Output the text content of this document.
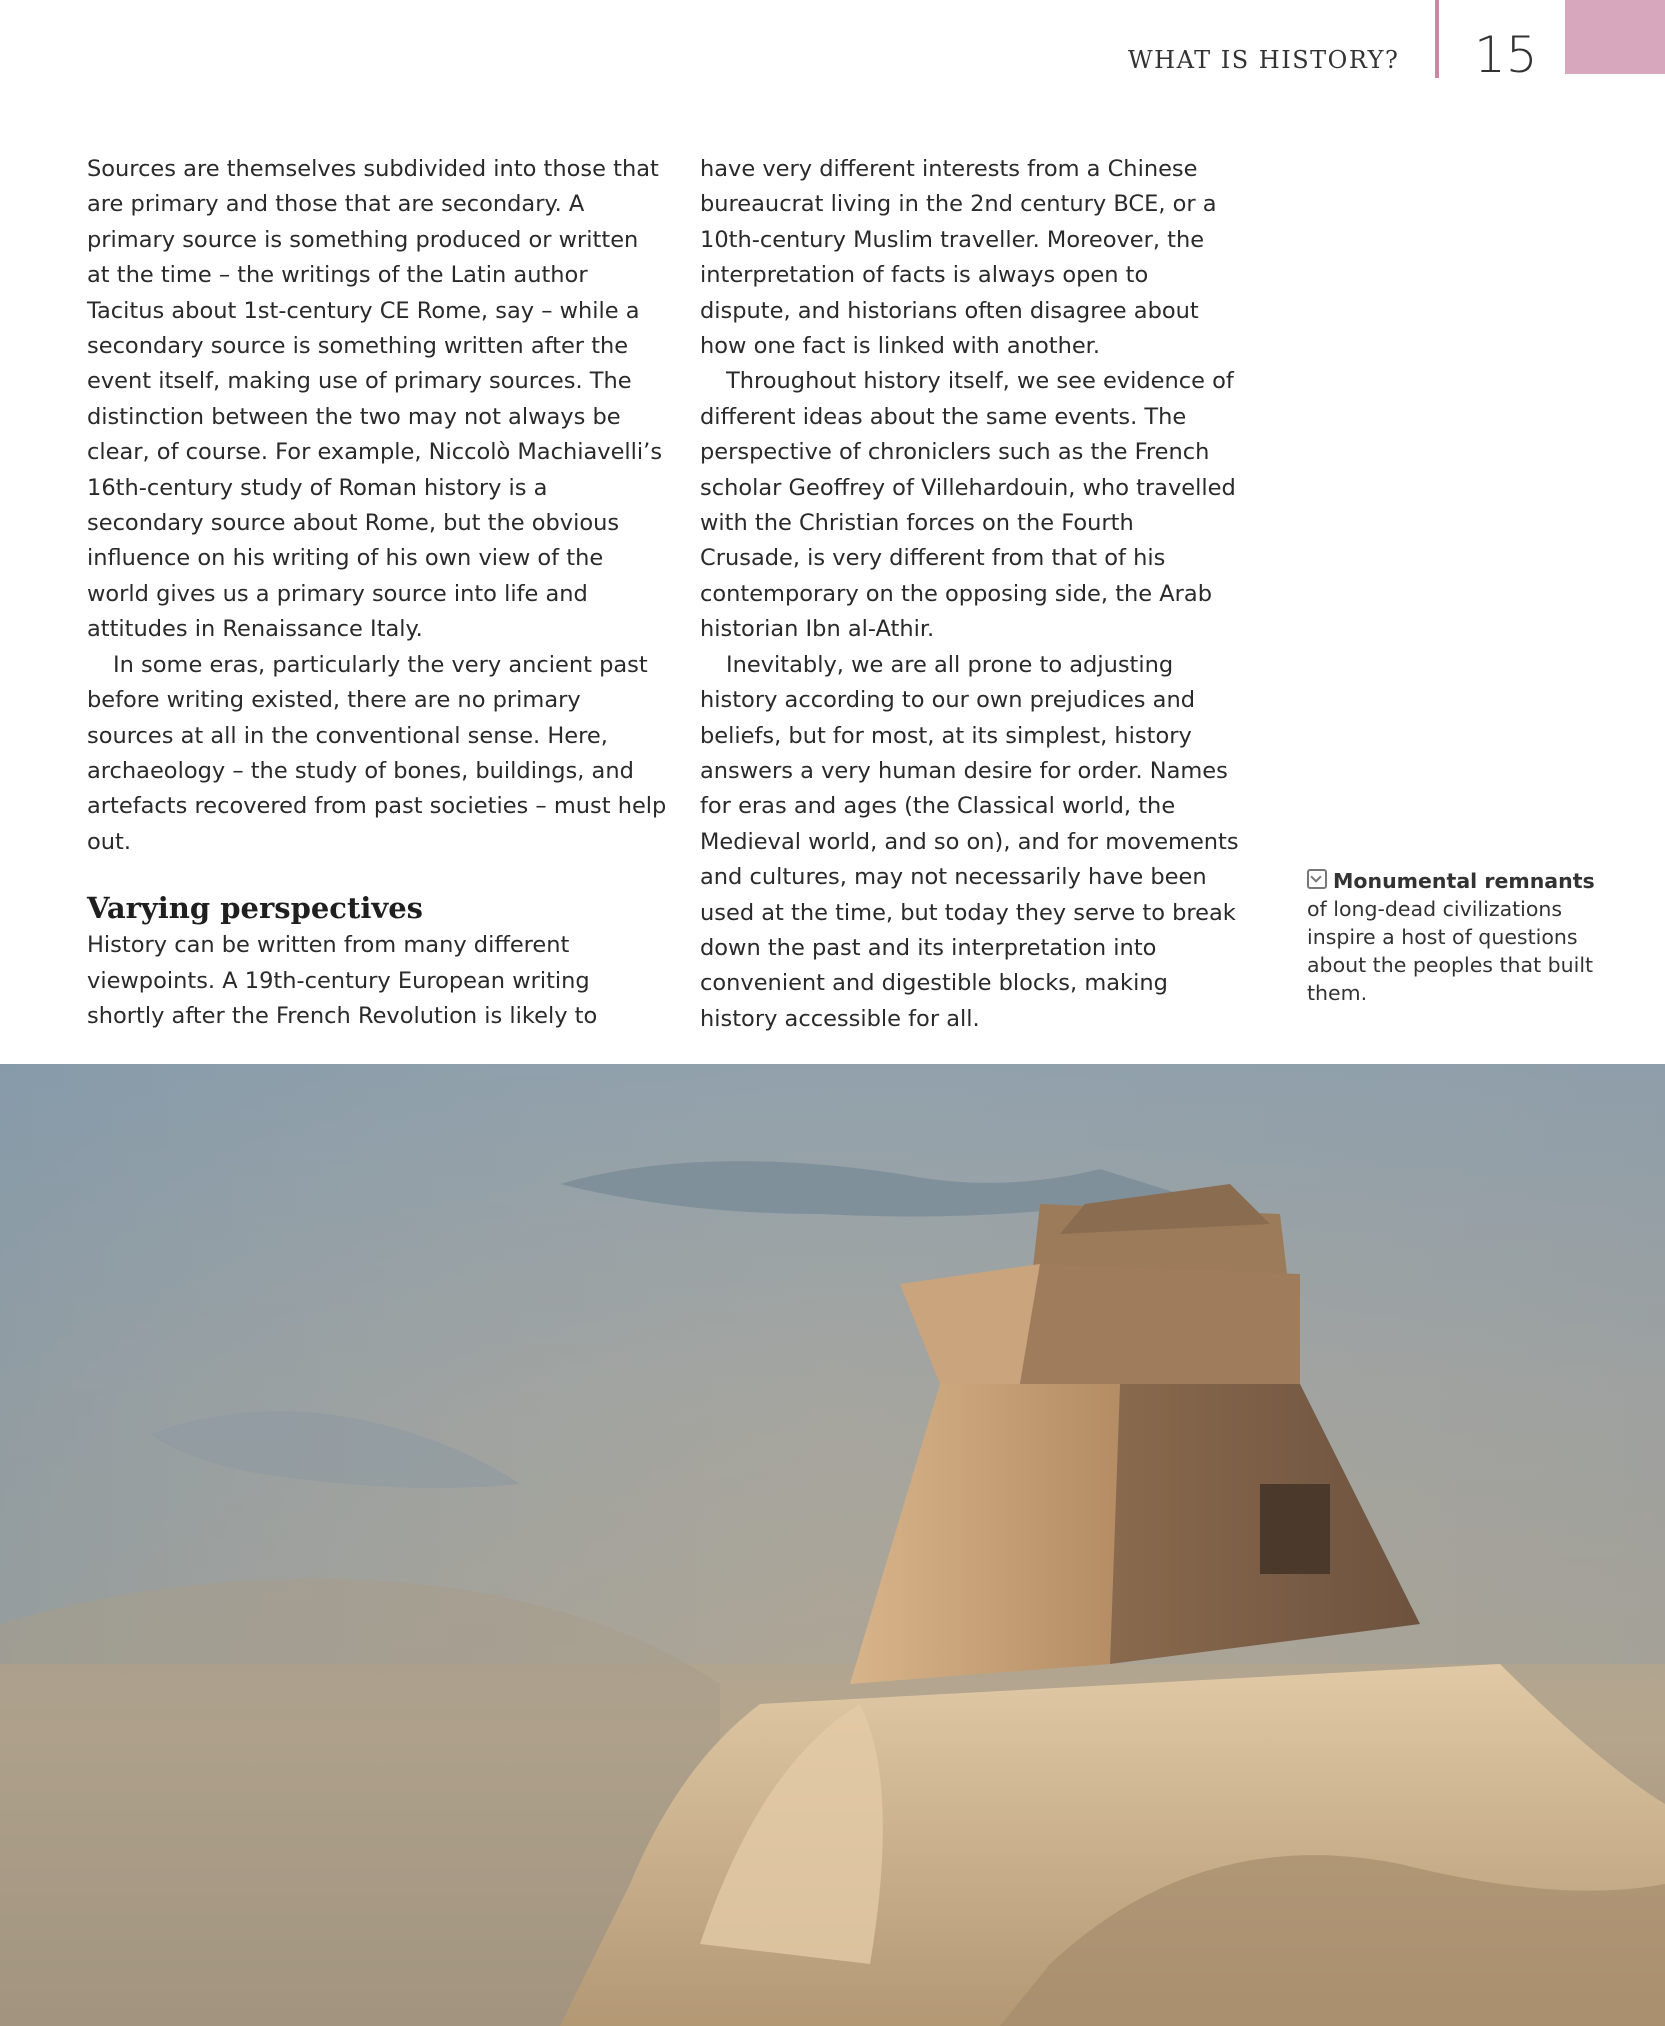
WHAT IS HISTORY? 15

Sources are themselves subdivided into those that are primary and those that are secondary. A primary source is something produced or written at the time – the writings of the Latin author Tacitus about 1st-century CE Rome, say – while a secondary source is something written after the event itself, making use of primary sources. The distinction between the two may not always be clear, of course. For example, Niccolò Machiavelli’s 16th-century study of Roman history is a secondary source about Rome, but the obvious influence on his writing of his own view of the world gives us a primary source into life and attitudes in Renaissance Italy.

In some eras, particularly the very ancient past before writing existed, there are no primary sources at all in the conventional sense. Here, archaeology – the study of bones, buildings, and artefacts recovered from past societies – must help out.

Varying perspectives

History can be written from many different viewpoints. A 19th-century European writing shortly after the French Revolution is likely to

have very different interests from a Chinese bureaucrat living in the 2nd century BCE, or a 10th-century Muslim traveller. Moreover, the interpretation of facts is always open to dispute, and historians often disagree about how one fact is linked with another.

Throughout history itself, we see evidence of different ideas about the same events. The perspective of chroniclers such as the French scholar Geoffrey of Villehardouin, who travelled with the Christian forces on the Fourth Crusade, is very different from that of his contemporary on the opposing side, the Arab historian Ibn al-Athir.

Inevitably, we are all prone to adjusting history according to our own prejudices and beliefs, but for most, at its simplest, history answers a very human desire for order. Names for eras and ages (the Classical world, the Medieval world, and so on), and for movements and cultures, may not necessarily have been used at the time, but today they serve to break down the past and its interpretation into convenient and digestible blocks, making history accessible for all.

Monumental remnants of long-dead civilizations inspire a host of questions about the peoples that built them.
